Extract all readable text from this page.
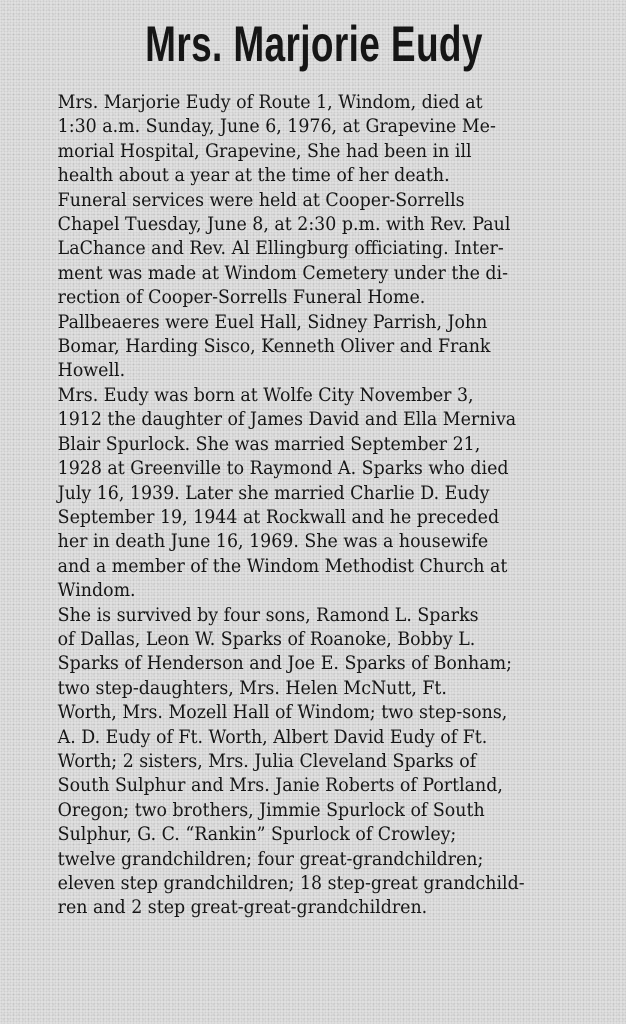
Mrs. Marjorie Eudy

Mrs. Marjorie Eudy of Route 1, Windom, died at
1:30 a.m. Sunday, June 6, 1976, at Grapevine Me-
morial Hospital, Grapevine, She had been in ill
health about a year at the time of her death.

Funeral services were held at Cooper-Sorrells
Chapel Tuesday, June 8, at 2:30 p.m. with Rev. Paul
LaChance and Rev. Al Ellingburg officiating. Inter-
ment was made at Windom Cemetery under the di-
rection of Cooper-Sorrells Funeral Home.

Pallbeaeres were Euel Hall, Sidney Parrish, John
Bomar, Harding Sisco, Kenneth Oliver and Frank
Howell.

Mrs. Eudy was born at Wolfe City November 3,
1912 the daughter of James David and Ella Merniva
Blair Spurlock. She was married September 21,
1928 at Greenville to Raymond A. Sparks who died
July 16, 1939. Later she married Charlie D. Eudy
September 19, 1944 at Rockwall and he preceded
her in death June 16, 1969. She was a housewife
and a member of the Windom Methodist Church at
Windom.

She is survived by four sons, Ramond L. Sparks
of Dallas, Leon W. Sparks of Roanoke, Bobby L.
Sparks of Henderson and Joe E. Sparks of Bonham;
two step-daughters, Mrs. Helen McNutt, Ft.
Worth, Mrs. Mozell Hall of Windom; two step-sons,
A. D. Eudy of Ft. Worth, Albert David Eudy of Ft.
Worth; 2 sisters, Mrs. Julia Cleveland Sparks of
South Sulphur and Mrs. Janie Roberts of Portland,
Oregon; two brothers, Jimmie Spurlock of South
Sulphur, G. C. “Rankin” Spurlock of Crowley;
twelve grandchildren; four great-grandchildren;
eleven step grandchildren; 18 step-great grandchild-
ren and 2 step great-great-grandchildren.
